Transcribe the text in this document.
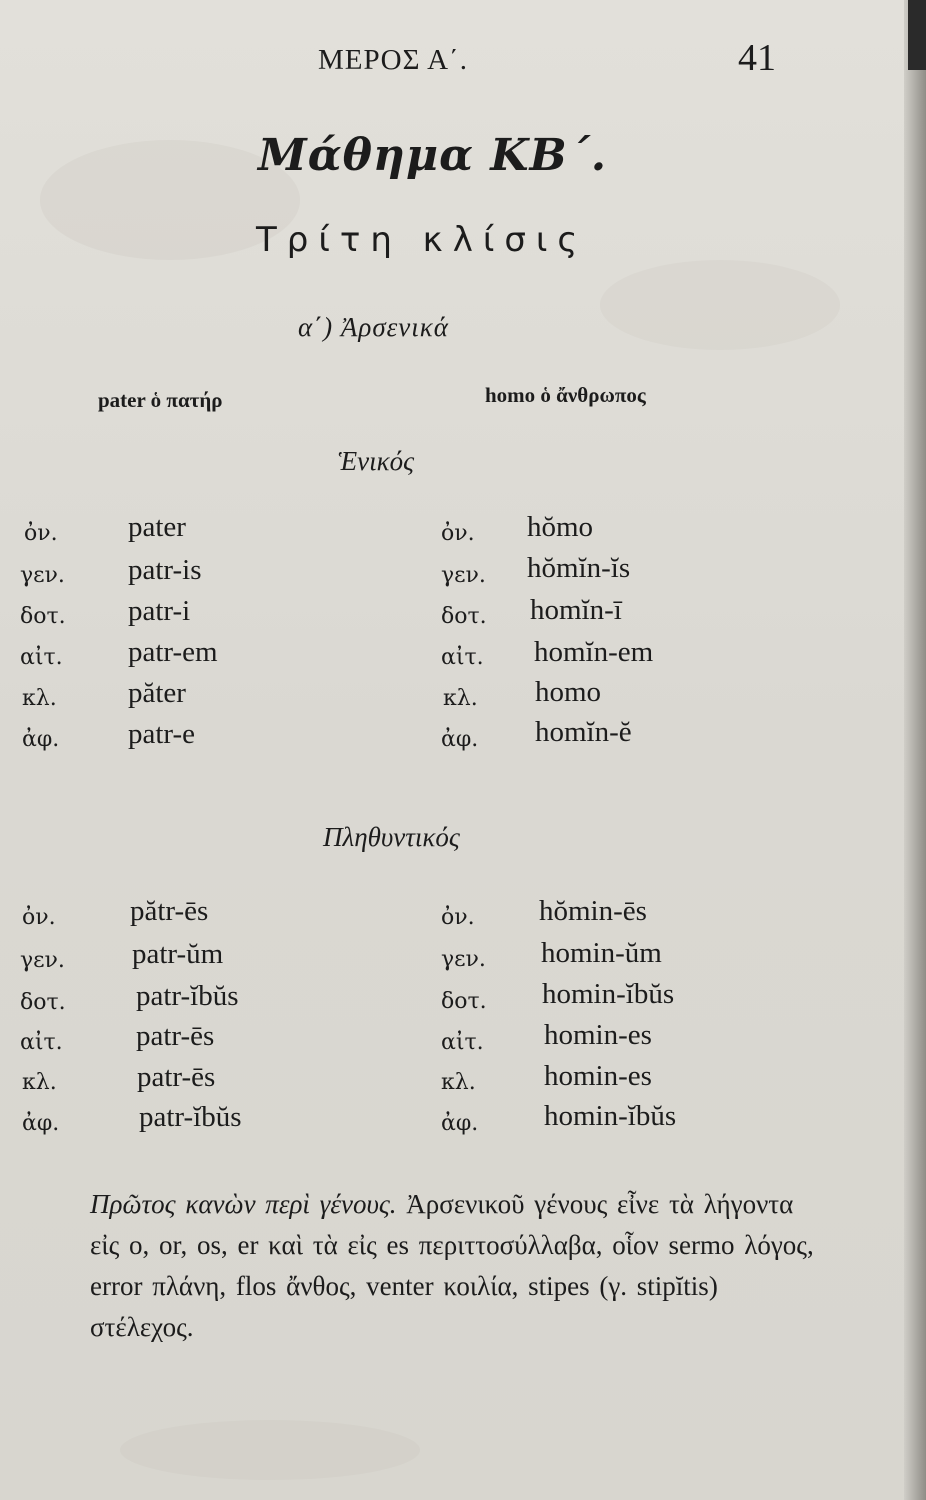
ΜΕΡΟΣ Α΄.	41
Μάθημα ΚΒ΄.
Τρίτη κλίσις
α΄) Ἀρσενικά
pater ὁ πατήρ	homo ὁ ἄνθρωπος
Ἑνικός
ὀν. pater
γεν. patr-is
δοτ. patr-i
αἰτ. patr-em
κλ. păter
ἀφ. patr-e
ὀν. hŏmo
γεν. hŏmĭn-ĭs
δοτ. homĭn-ī
αἰτ. homĭn-em
κλ. homo
ἀφ. homĭn-ĕ
Πληθυντικός
ὀν.	pătr-ēs
γεν. patr-ŭm
δοτ. patr-ĭbŭs
αἰτ.	patr-ēs
κλ.	patr-ēs
ἀφ.	patr-ĭbŭs
ὀν. hŏmin-ēs
γεν. homin-ŭm
δοτ. homin-ĭbŭs
αἰτ. homin-es
κλ. homin-es
ἀφ. homin-ĭbŭs
Πρῶτος κανὼν περὶ γένους. Ἀρσενικοῦ γένους εἶνε τὰ λήγοντα εἰς o, or, os, er καὶ τὰ εἰς es περιττοσύλλαβα, οἷον sermo λόγος, error πλάνη, flos ἄνθος, venter κοιλία, stipes (γ. stipĭtis) στέλεχος.
